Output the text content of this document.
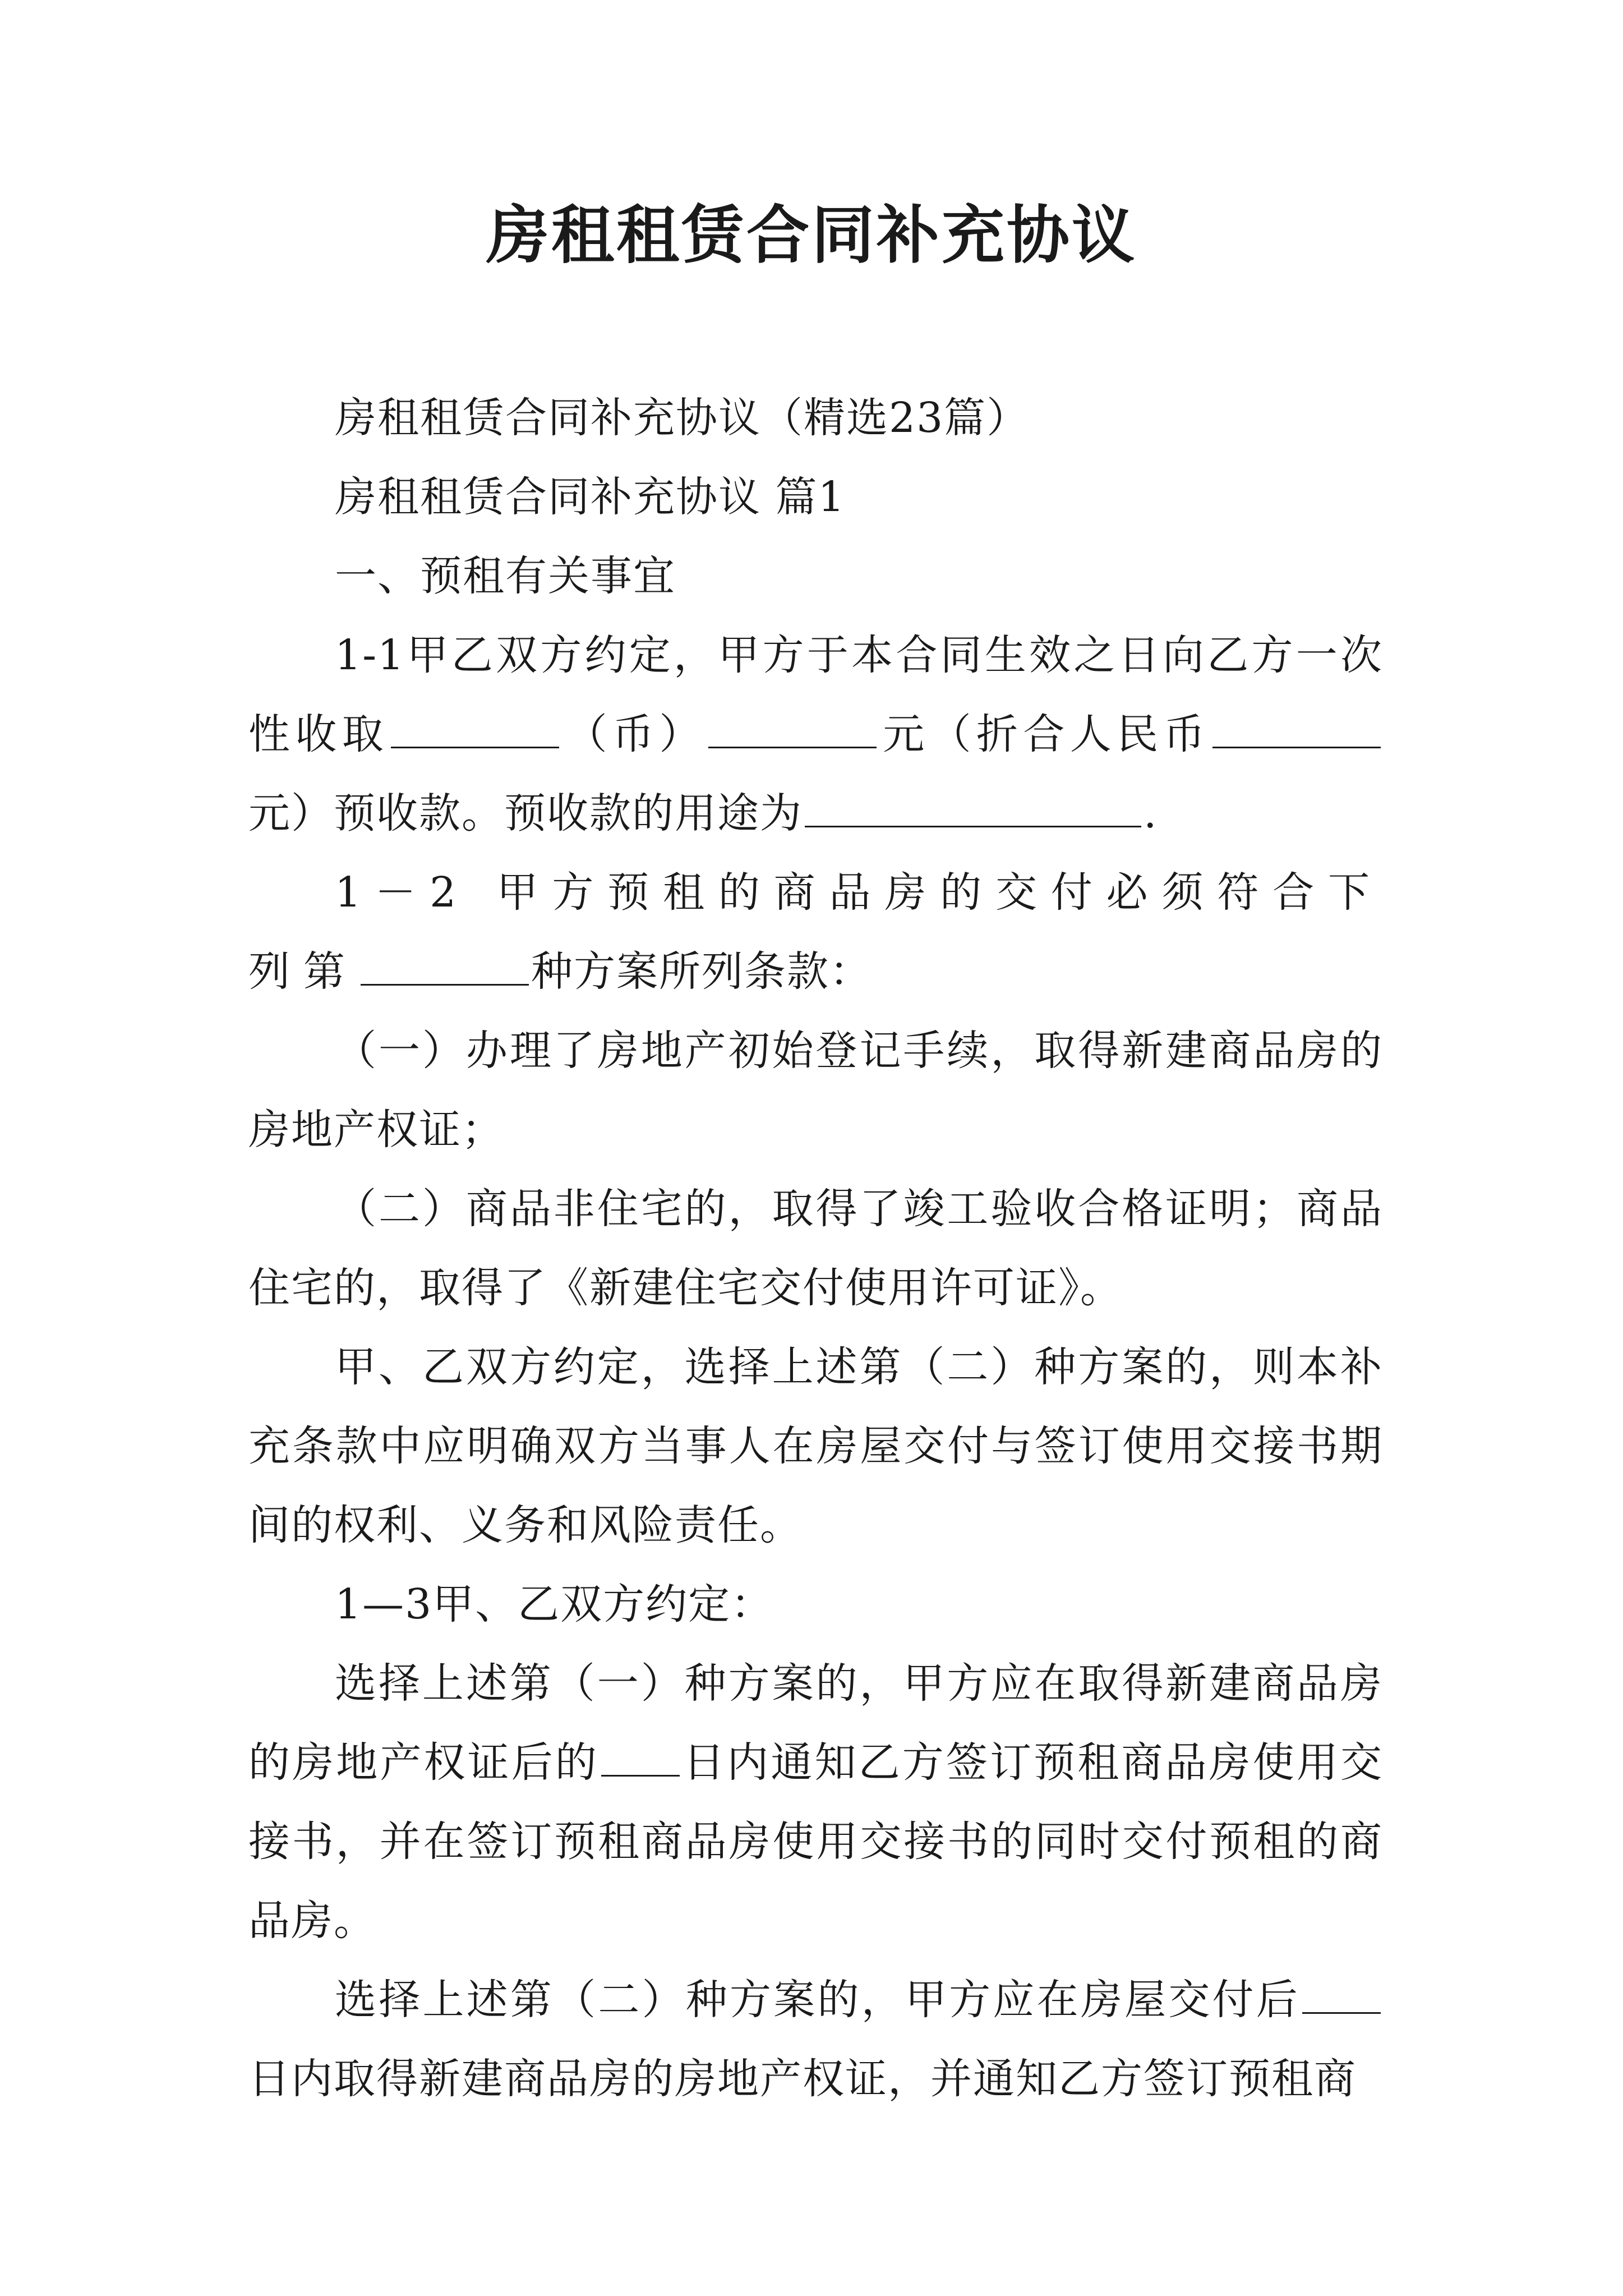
房租租赁合同补充协议

房租租赁合同补充协议（精选23篇）

房租租赁合同补充协议 篇1

一、预租有关事宜

1-1甲乙双方约定，甲方于本合同生效之日向乙方一次性收取	（币）	元（折合人民币元）预收款。预收款的用途为	.

1－2 甲方预租的商品房的交付必须符合下列第	种方案所列条款：

（一）办理了房地产初始登记手续，取得新建商品房的房地产权证；

（二）商品非住宅的，取得了竣工验收合格证明；商品住宅的，取得了《新建住宅交付使用许可证》。

甲、乙双方约定，选择上述第（二）种方案的，则本补充条款中应明确双方当事人在房屋交付与签订使用交接书期间的权利、义务和风险责任。

1—3甲、乙双方约定：

选择上述第（一）种方案的，甲方应在取得新建商品房的房地产权证后的 日内通知乙方签订预租商品房使用交接书，并在签订预租商品房使用交接书的同时交付预租的商品房。

选择上述第（二）种方案的，甲方应在房屋交付后日内取得新建商品房的房地产权证，并通知乙方签订预租商
